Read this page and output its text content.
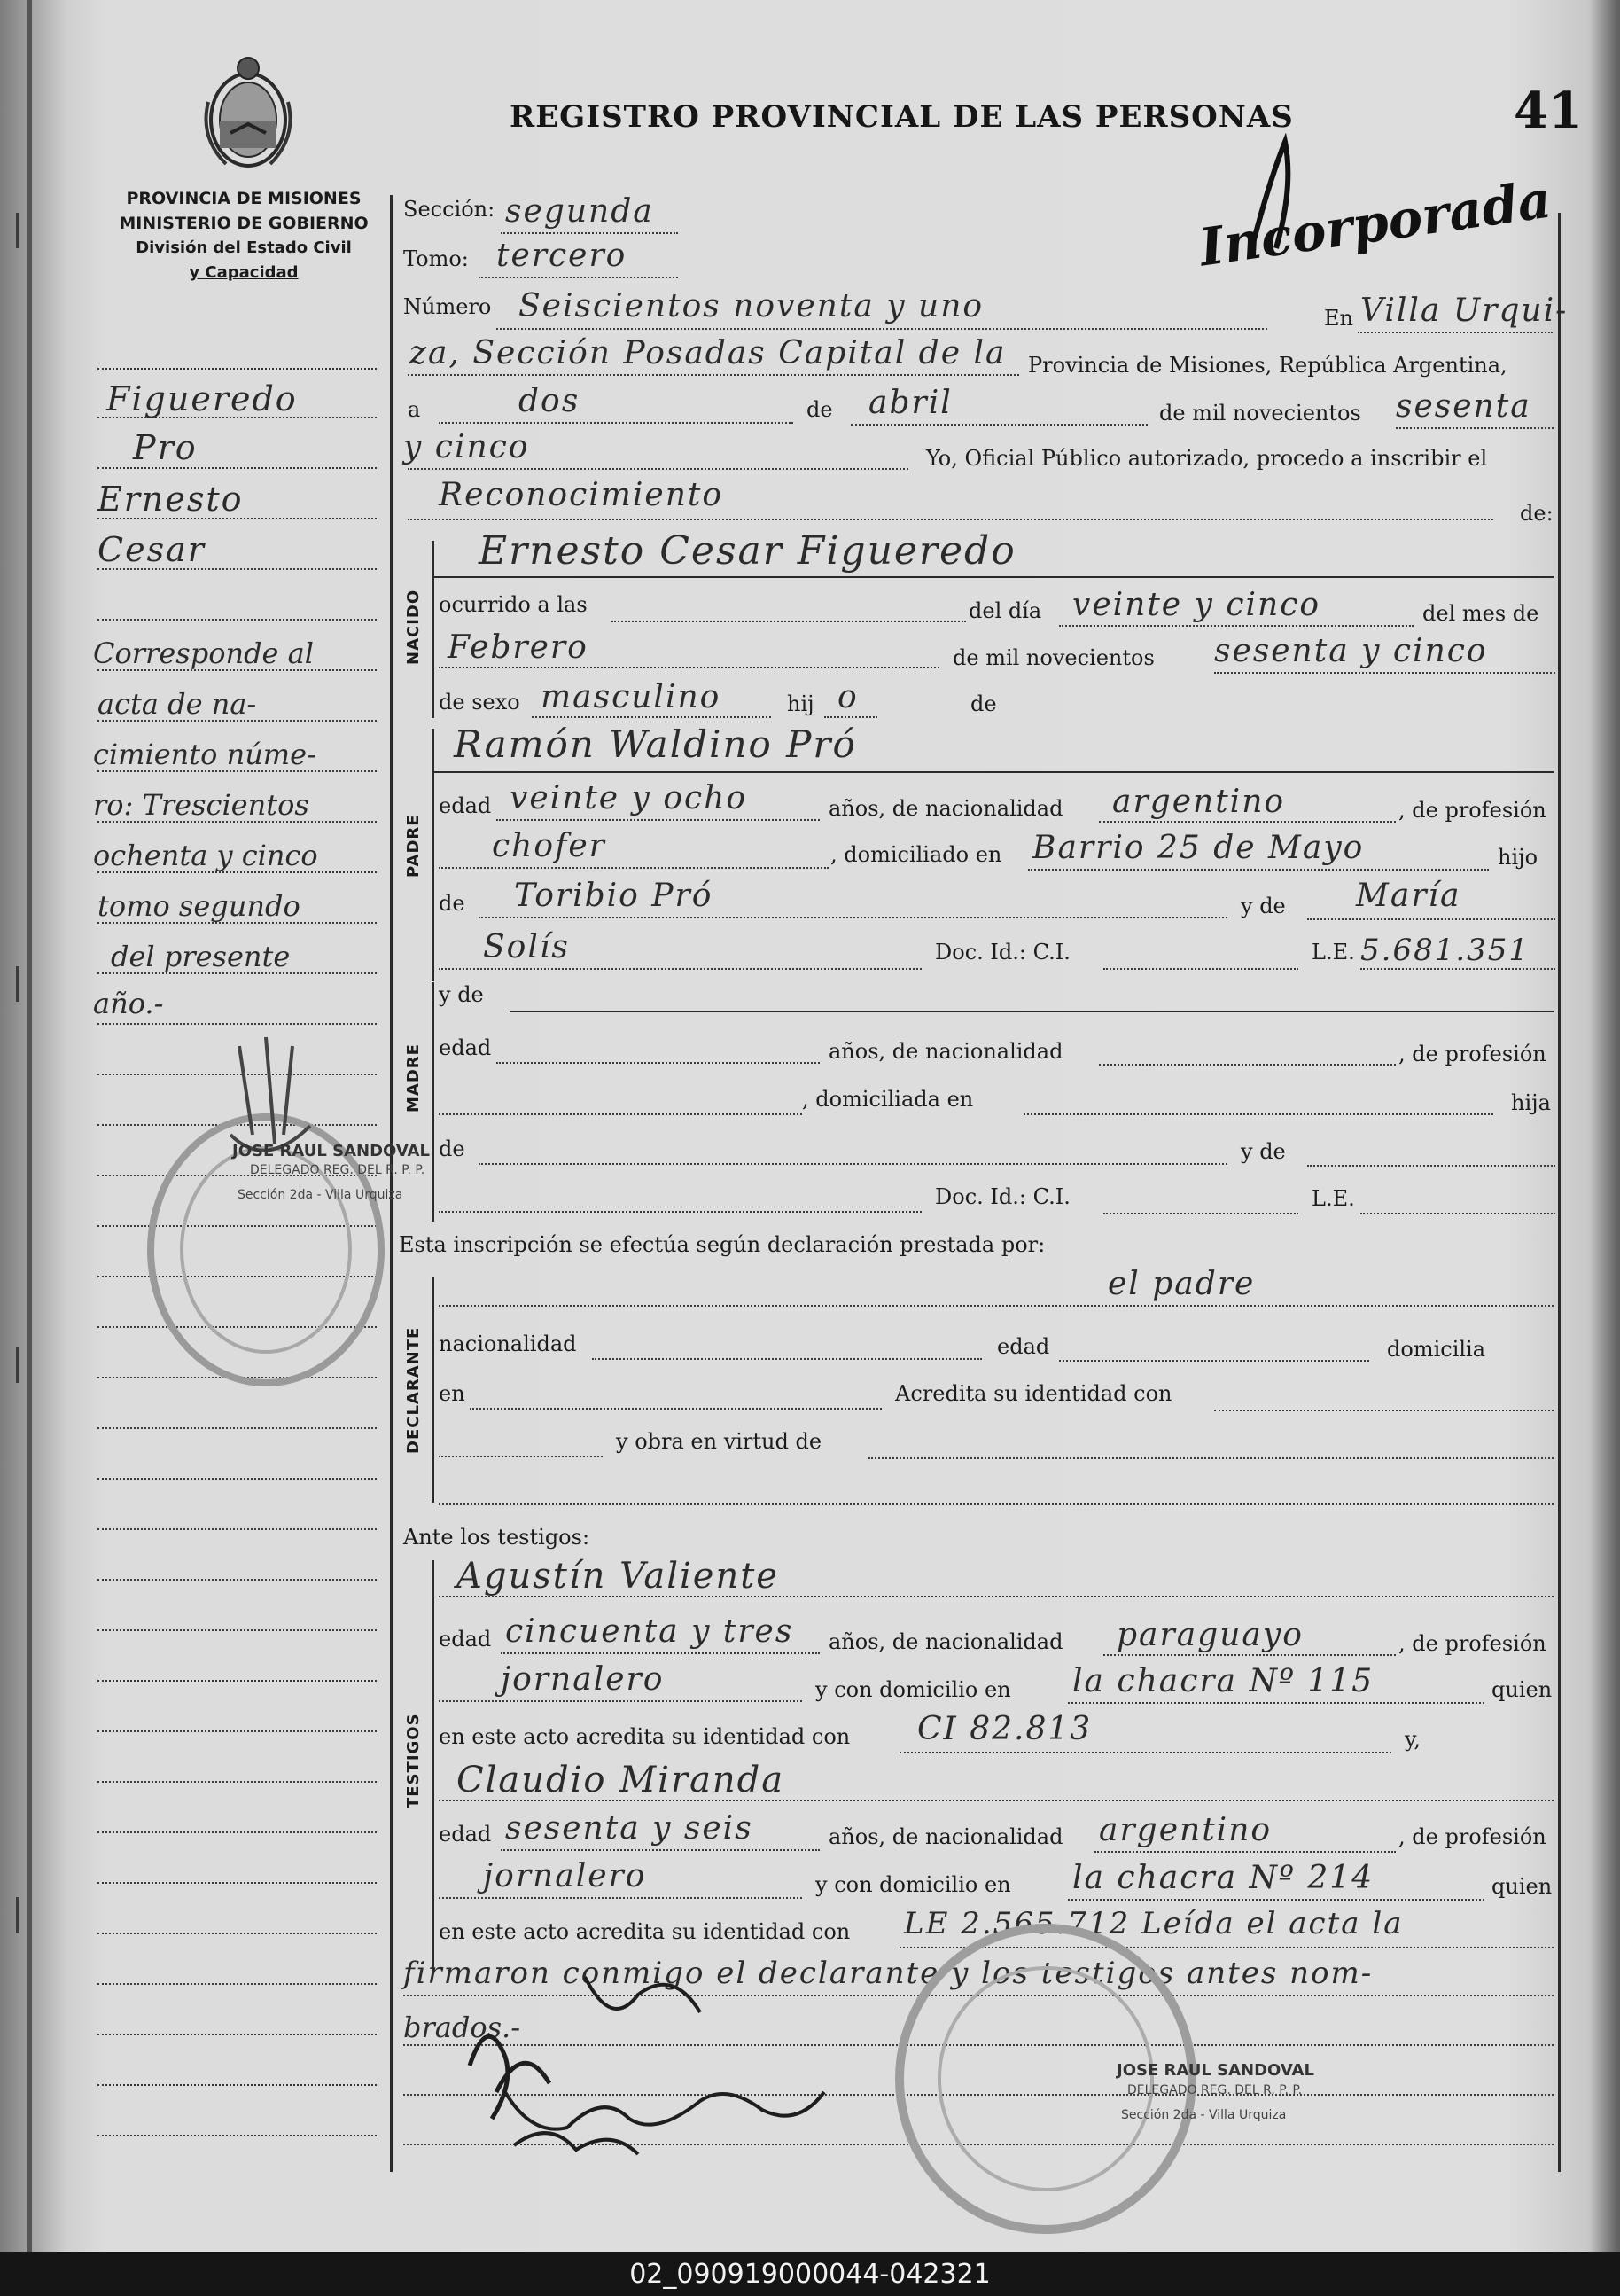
REGISTRO PROVINCIAL DE LAS PERSONAS	41
Incorporada
PROVINCIA DE MISIONES
MINISTERIO DE GOBIERNO
División del Estado Civil
y Capacidad
Figueredo
Pro
Ernesto
Cesar
Corresponde al
acta de na-
cimiento núme-
ro: Trescientos
ochenta y cinco
tomo segundo
del presente
año.-
JOSE RAUL SANDOVAL
DELEGADO REG. DEL R. P. P.
Sección 2da - Villa Urquiza
Sección: segunda
Tomo: tercero
Número Seiscientos noventa y uno	En Villa Urqui-
za, Sección Posadas Capital de la Provincia de Misiones, República Argentina,
a	dos	de abril	de mil novecientos sesenta
y cinco	Yo, Oficial Público autorizado, procedo a inscribir el
Reconocimiento	de:
NACIDO
Ernesto Cesar Figueredo
ocurrido a las	del día veinte y cinco	del mes de
Febrero	de mil novecientos sesenta y cinco
de sexo masculino	hij o	de
PADRE
Ramón Waldino Pró
edad veinte y ocho	años, de nacionalidad argentino	, de profesión
chofer	, domiciliado en Barrio 25 de Mayo	hijo
de Toribio Pró	y de María
Solís	Doc. Id.: C.I.	L.E. 5.681.351
MADRE
y de
edad	años, de nacionalidad	, de profesión
, domiciliada en	hija
de	y de
Doc. Id.: C.I.	L.E.
Esta inscripción se efectúa según declaración prestada por:
DECLARANTE
el padre
nacionalidad	edad	domicilia
en	Acredita su identidad con
y obra en virtud de
Ante los testigos:
TESTIGOS
Agustín Valiente
edad cincuenta y tres años, de nacionalidad paraguayo	, de profesión
jornalero	y con domicilio en la chacra Nº 115	quien
en este acto acredita su identidad con CI 82.813	y,
Claudio Miranda
edad sesenta y seis	años, de nacionalidad argentino	, de profesión
jornalero	y con domicilio en la chacra Nº 214	quien
en este acto acredita su identidad con LE 2.565.712 Leída el acta la
firmaron conmigo el declarante y los testigos antes nom-
brados.-
JOSE RAUL SANDOVAL
DELEGADO REG. DEL R. P. P.
Sección 2da - Villa Urquiza
02_090919000044-042321
